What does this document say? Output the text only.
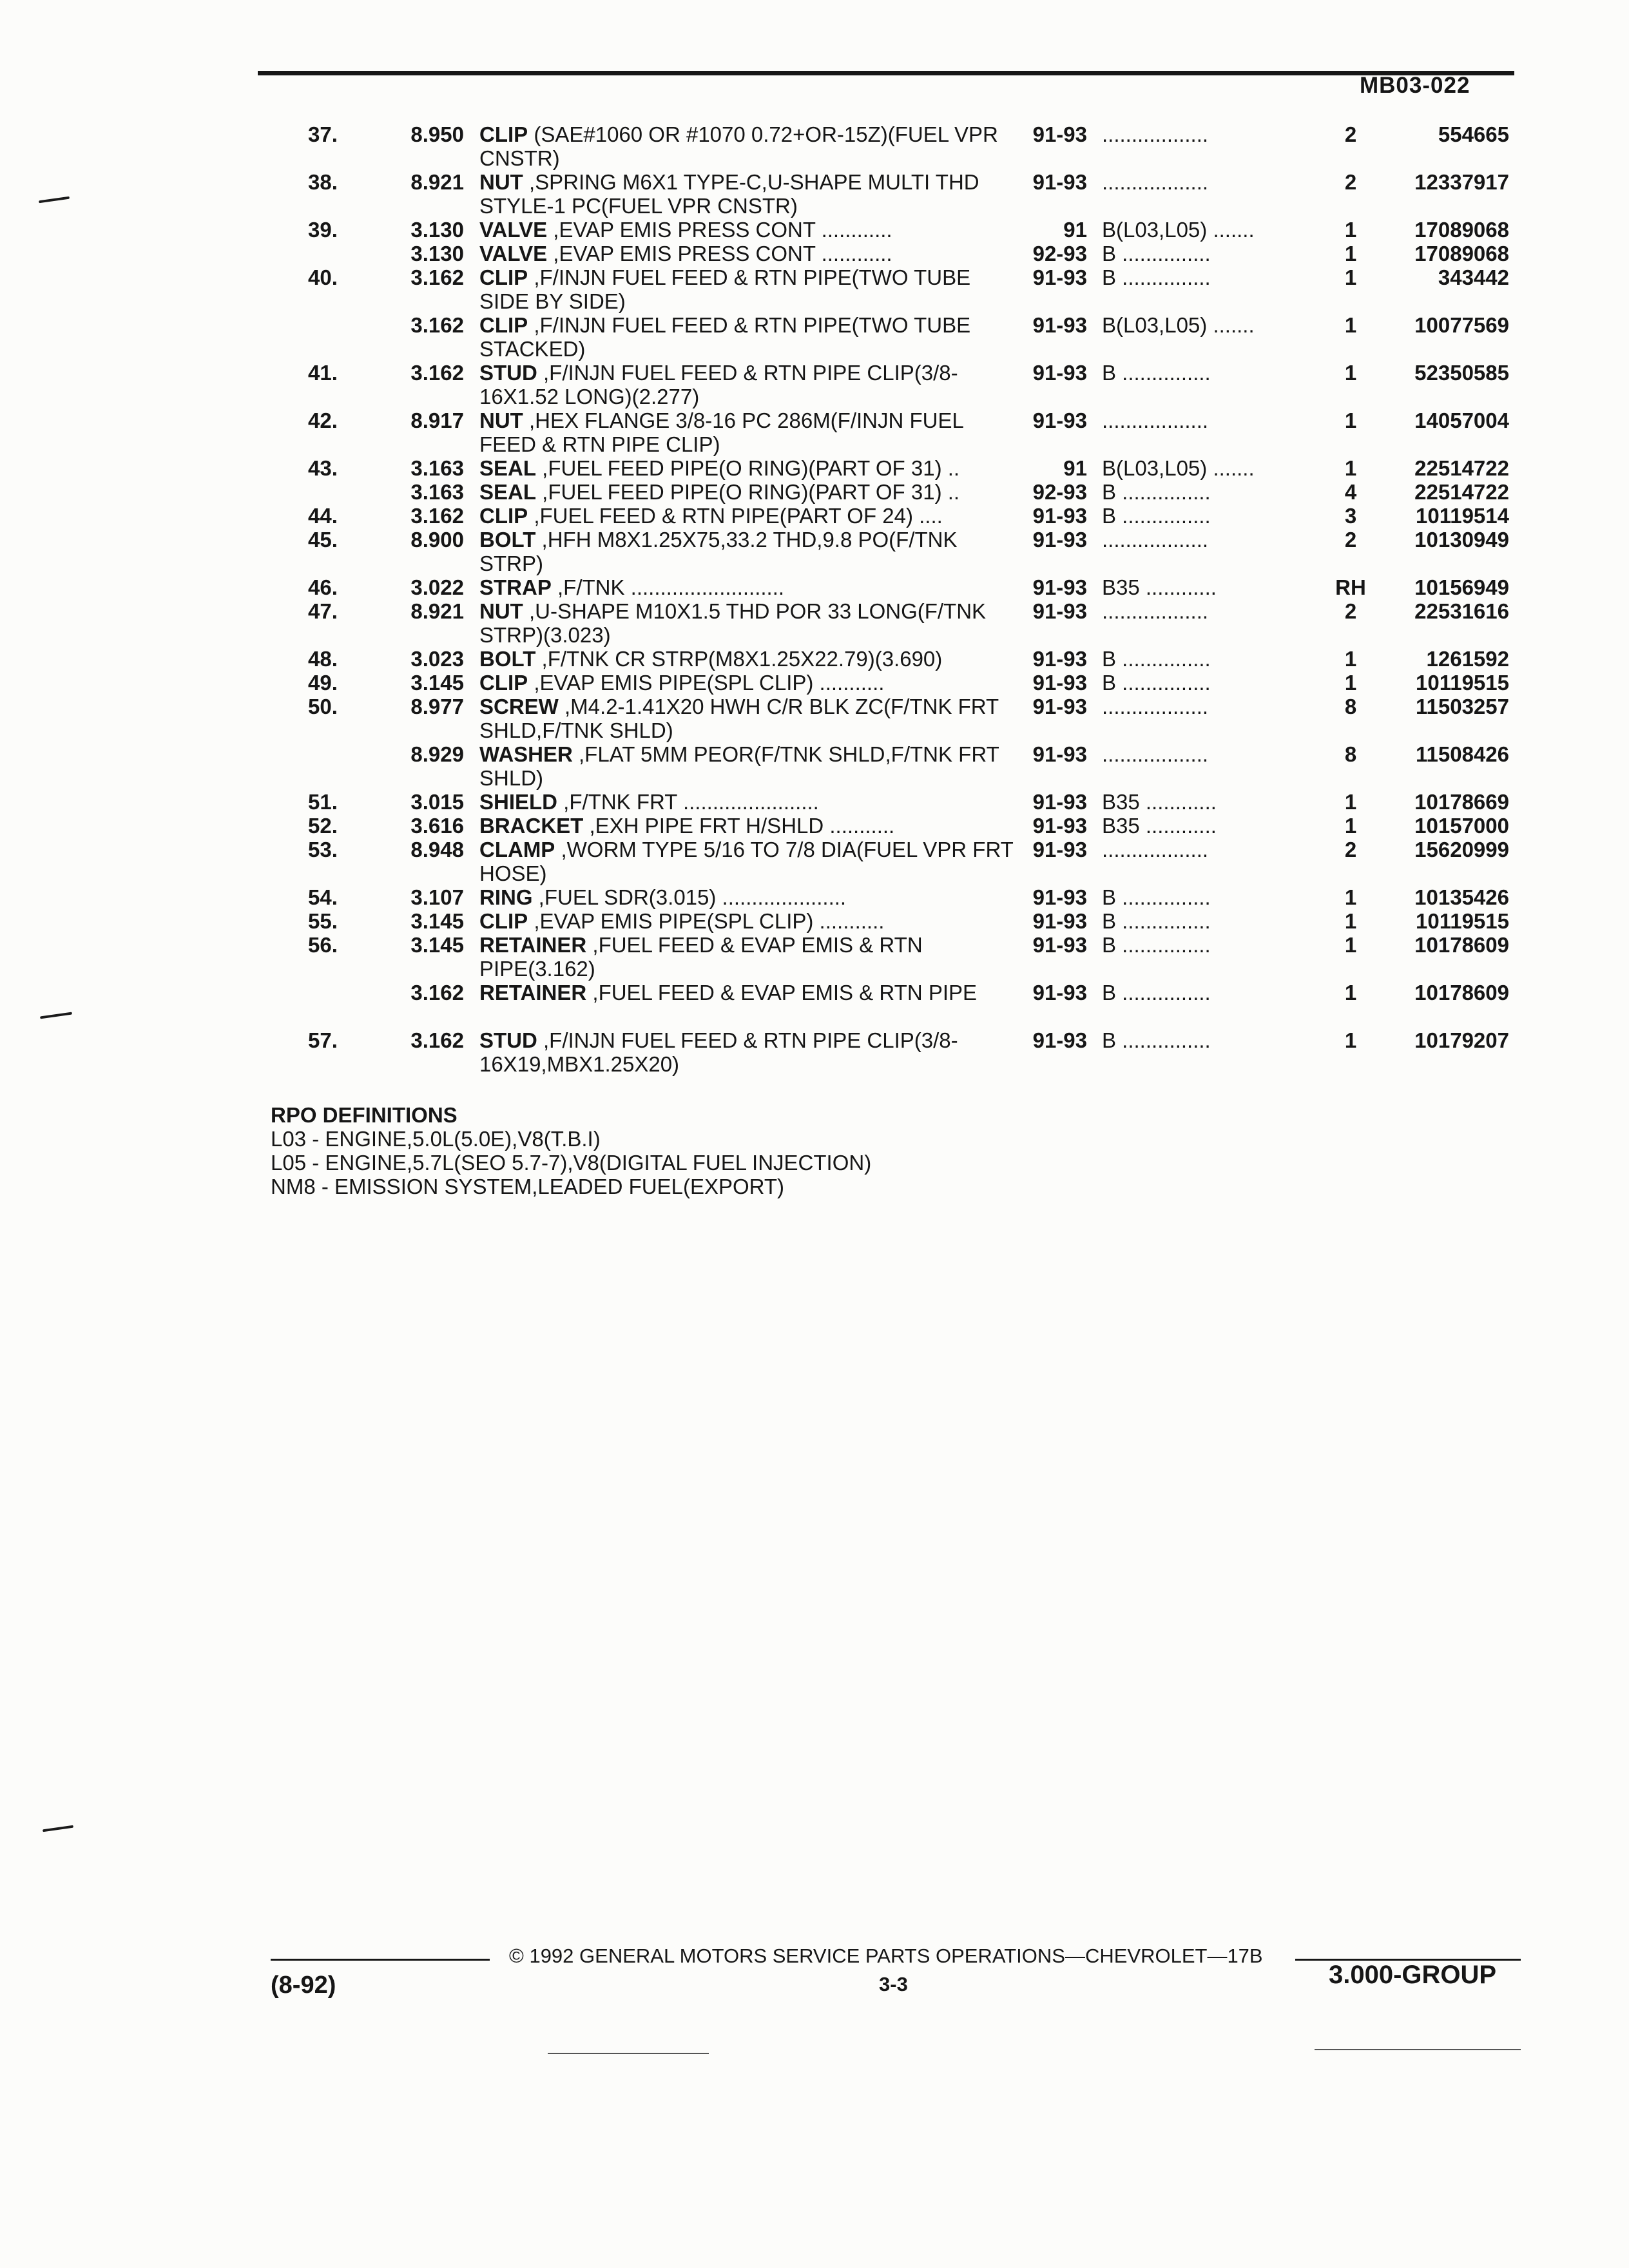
MB03-022
37.	8.950 CLIP (SAE#1060 OR #1070 0.72+OR-15Z)(FUEL VPR CNSTR)
91-93 ..................	2	554665
38.	8.921 NUT ,SPRING M6X1 TYPE-C,U-SHAPE MULTI THD STYLE-1 PC(FUEL VPR CNSTR)
91-93 ..................	2	12337917
39.	3.130 VALVE ,EVAP EMIS PRESS CONT ............	91 B(L03,L05) .......	1	17089068
3.130 VALVE ,EVAP EMIS PRESS CONT ............	92-93 B ...............	1	17089068
40.	3.162 CLIP ,F/INJN FUEL FEED & RTN PIPE(TWO TUBE SIDE BY SIDE)
91-93 B ...............	1	343442
3.162 CLIP ,F/INJN FUEL FEED & RTN PIPE(TWO TUBE STACKED)
91-93 B(L03,L05) .......	1	10077569
41.	3.162 STUD ,F/INJN FUEL FEED & RTN PIPE CLIP(3/8-16X1.52 LONG)(2.277)
91-93 B ...............	1	52350585
42.	8.917 NUT ,HEX FLANGE 3/8-16 PC 286M(F/INJN FUEL FEED & RTN PIPE CLIP)
91-93 ..................	1	14057004
43.	3.163 SEAL ,FUEL FEED PIPE(O RING)(PART OF 31) ..	91 B(L03,L05) .......	1	22514722
3.163 SEAL ,FUEL FEED PIPE(O RING)(PART OF 31) ..	92-93 B ...............	4	22514722
44.	3.162 CLIP ,FUEL FEED & RTN PIPE(PART OF 24) ....	91-93 B ...............	3	10119514
45.	8.900 BOLT ,HFH M8X1.25X75,33.2 THD,9.8 PO(F/TNK STRP)
91-93 ..................	2	10130949
46.	3.022 STRAP ,F/TNK ..........................	91-93 B35 ............	RH	10156949
47.	8.921 NUT ,U-SHAPE M10X1.5 THD POR 33 LONG(F/TNK STRP)(3.023)
91-93 ..................	2	22531616
48.	3.023 BOLT ,F/TNK CR STRP(M8X1.25X22.79)(3.690)	91-93 B ...............	1	1261592
49.	3.145 CLIP ,EVAP EMIS PIPE(SPL CLIP) ...........	91-93 B ...............	1	10119515
50.	8.977 SCREW ,M4.2-1.41X20 HWH C/R BLK ZC(F/TNK FRT SHLD,F/TNK SHLD)
91-93 ..................	8	11503257
8.929 WASHER ,FLAT 5MM PEOR(F/TNK SHLD,F/TNK FRT SHLD)
91-93 ..................	8	11508426
51.	3.015 SHIELD ,F/TNK FRT .......................	91-93 B35 ............	1	10178669
52.	3.616 BRACKET ,EXH PIPE FRT H/SHLD ...........	91-93 B35 ............	1	10157000
53.	8.948 CLAMP ,WORM TYPE 5/16 TO 7/8 DIA(FUEL VPR FRT HOSE)
91-93 ..................	2	15620999
54.	3.107 RING ,FUEL SDR(3.015) .....................	91-93 B ...............	1	10135426
55.	3.145 CLIP ,EVAP EMIS PIPE(SPL CLIP) ...........	91-93 B ...............	1	10119515
56.	3.145 RETAINER ,FUEL FEED & EVAP EMIS & RTN PIPE(3.162)
91-93 B ...............	1	10178609
3.162 RETAINER ,FUEL FEED & EVAP EMIS & RTN PIPE	91-93 B ...............	1	10178609
57.	3.162 STUD ,F/INJN FUEL FEED & RTN PIPE CLIP(3/8-16X19,MBX1.25X20)
91-93 B ...............	1	10179207
RPO DEFINITIONS
L03 - ENGINE,5.0L(5.0E),V8(T.B.I)
L05 - ENGINE,5.7L(SEO 5.7-7),V8(DIGITAL FUEL INJECTION)
NM8 - EMISSION SYSTEM,LEADED FUEL(EXPORT)
© 1992 GENERAL MOTORS SERVICE PARTS OPERATIONS—CHEVROLET—17B
(8-92)	3-3	3.000-GROUP
